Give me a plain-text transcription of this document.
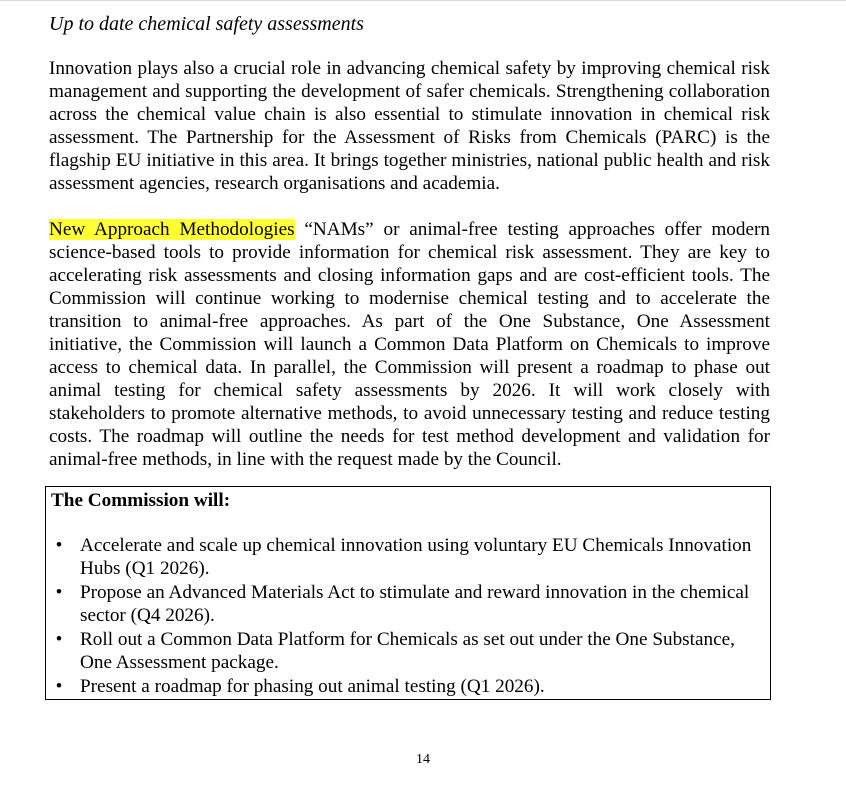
Up to date chemical safety assessments

Innovation plays also a crucial role in advancing chemical safety by improving chemical risk management and supporting the development of safer chemicals. Strengthening collaboration across the chemical value chain is also essential to stimulate innovation in chemical risk assessment. The Partnership for the Assessment of Risks from Chemicals (PARC) is the flagship EU initiative in this area. It brings together ministries, national public health and risk assessment agencies, research organisations and academia.

New Approach Methodologies “NAMs” or animal-free testing approaches offer modern science-based tools to provide information for chemical risk assessment. They are key to accelerating risk assessments and closing information gaps and are cost-efficient tools. The Commission will continue working to modernise chemical testing and to accelerate the transition to animal-free approaches. As part of the One Substance, One Assessment initiative, the Commission will launch a Common Data Platform on Chemicals to improve access to chemical data. In parallel, the Commission will present a roadmap to phase out animal testing for chemical safety assessments by 2026. It will work closely with stakeholders to promote alternative methods, to avoid unnecessary testing and reduce testing costs. The roadmap will outline the needs for test method development and validation for animal-free methods, in line with the request made by the Council.

The Commission will:

• Accelerate and scale up chemical innovation using voluntary EU Chemicals Innovation Hubs (Q1 2026).
• Propose an Advanced Materials Act to stimulate and reward innovation in the chemical sector (Q4 2026).
• Roll out a Common Data Platform for Chemicals as set out under the One Substance, One Assessment package.
• Present a roadmap for phasing out animal testing (Q1 2026).
14
